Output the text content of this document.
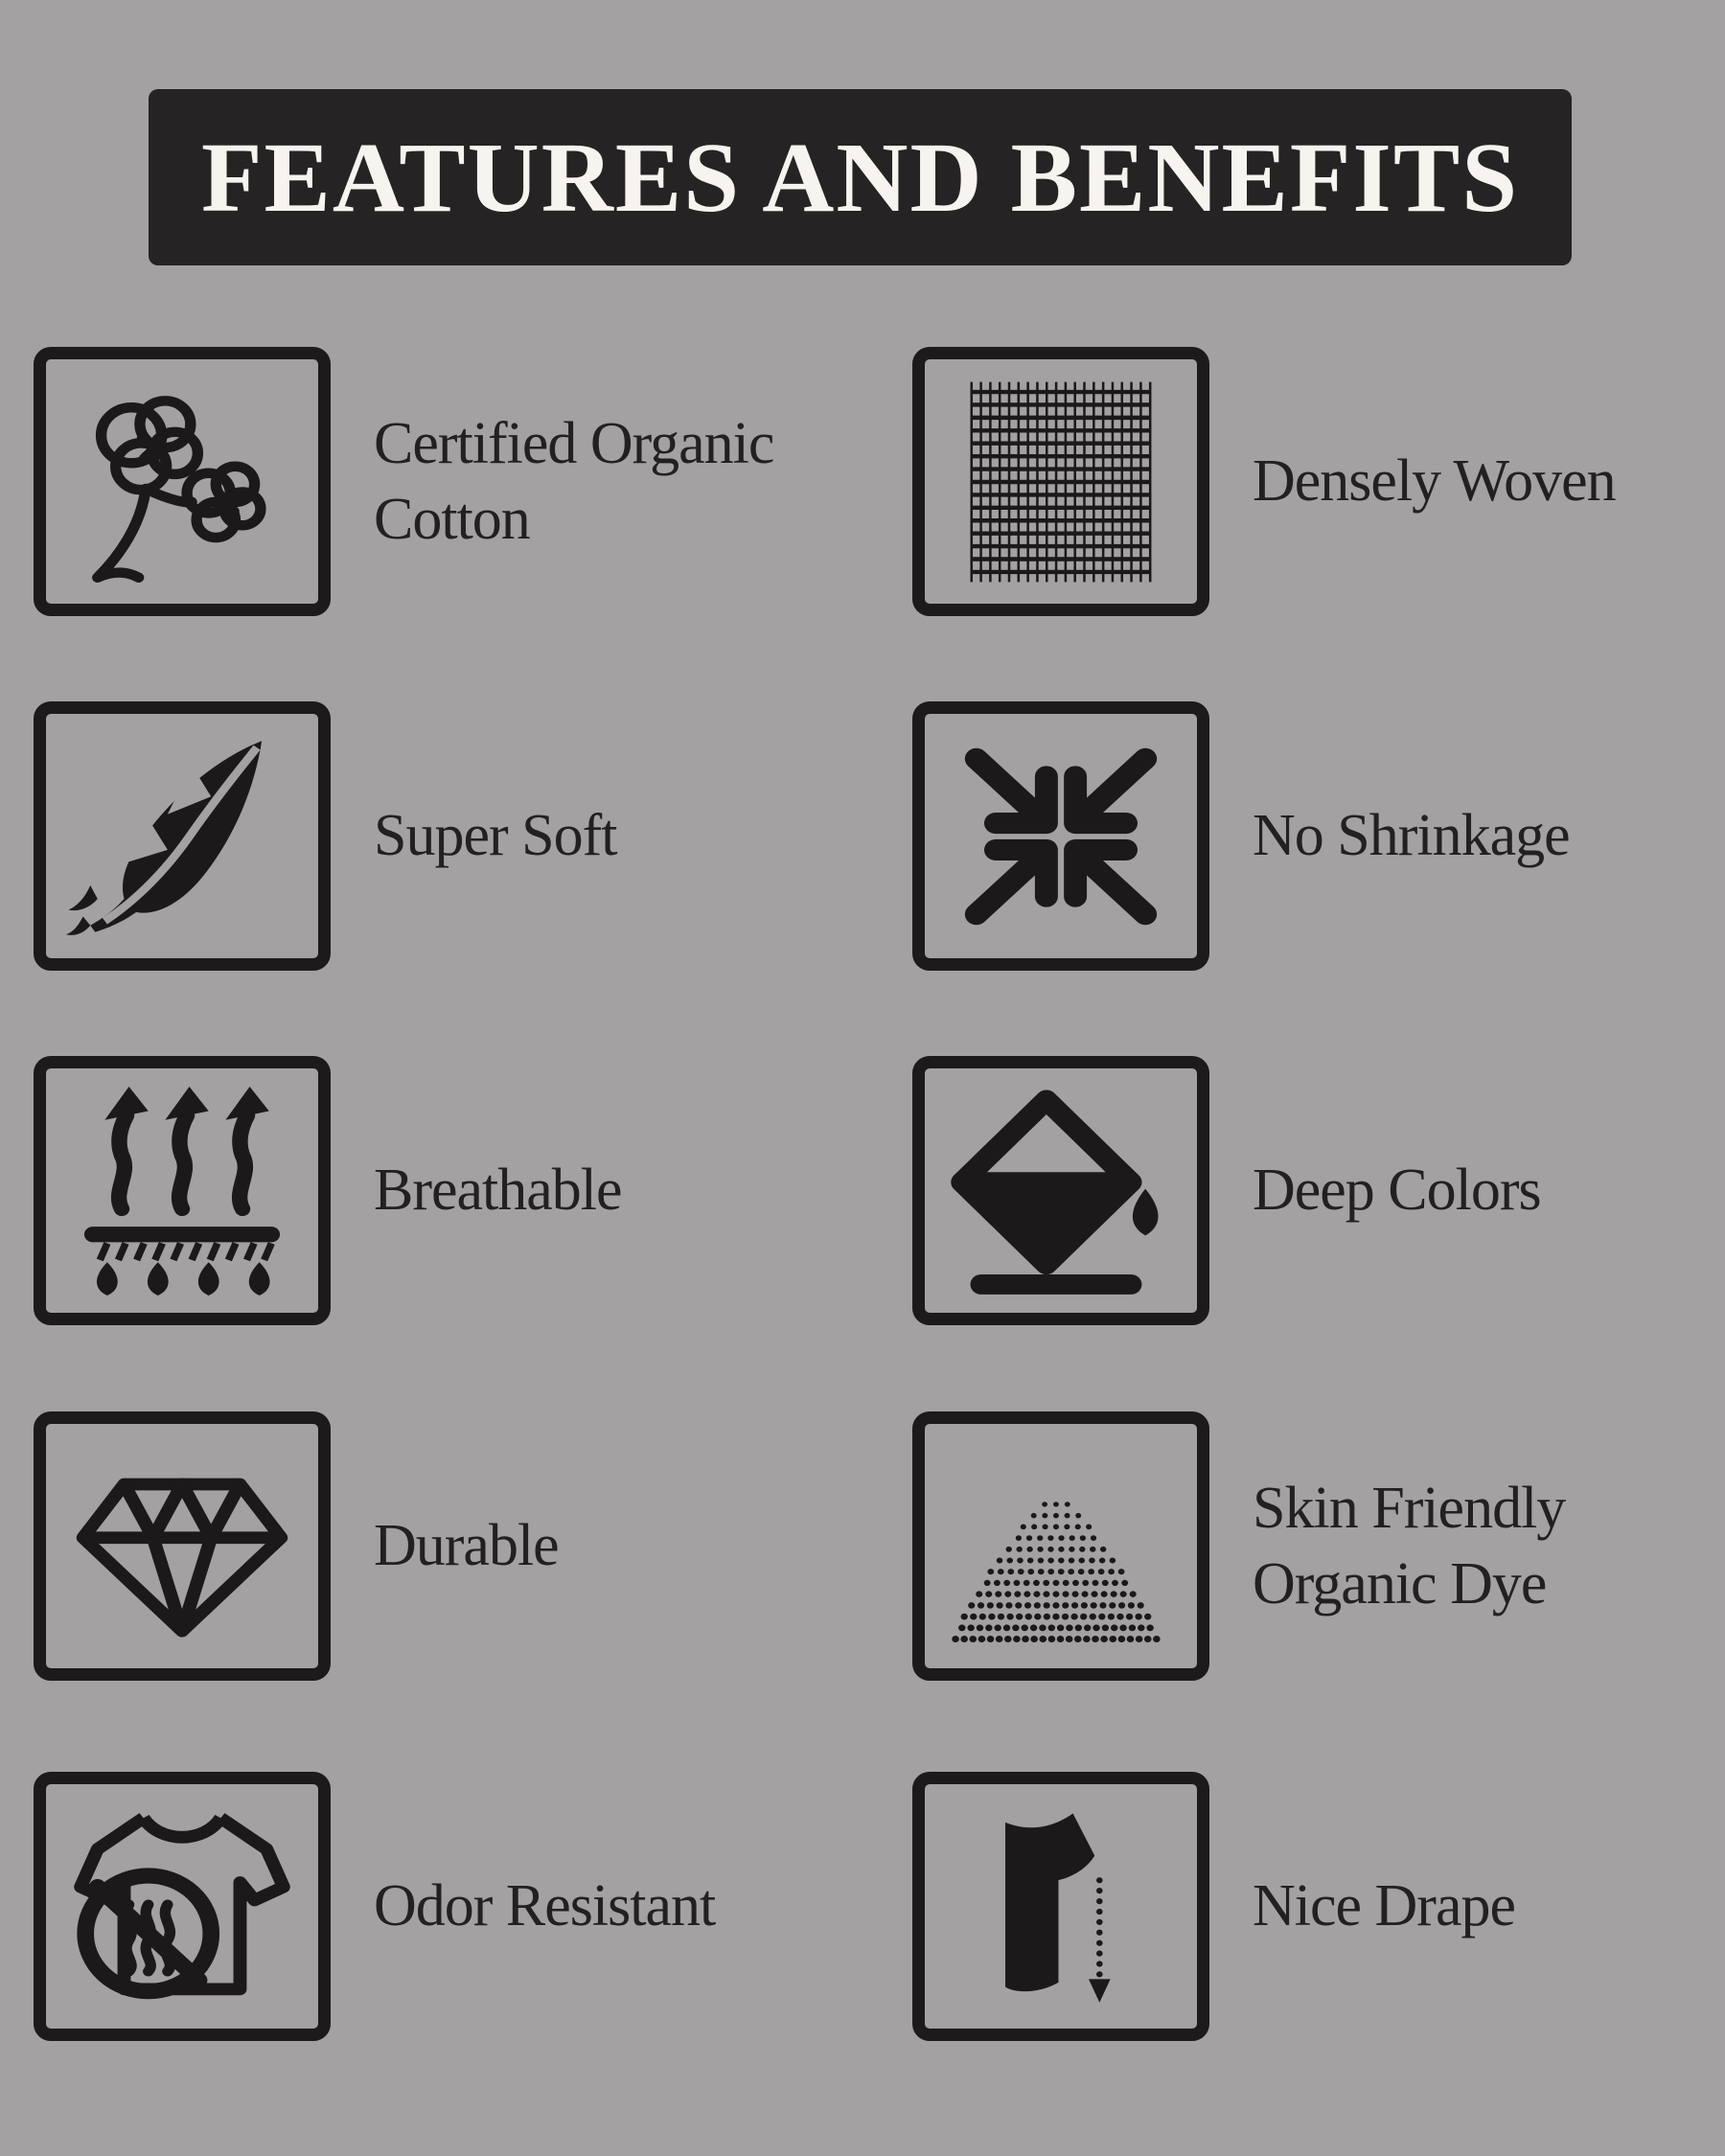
FEATURES AND BENEFITS
Certified Organic
Cotton
Super Soft
Breathable
Durable
Odor Resistant
Densely Woven
No Shrinkage
Deep Colors
Skin Friendly
Organic Dye
Nice Drape
